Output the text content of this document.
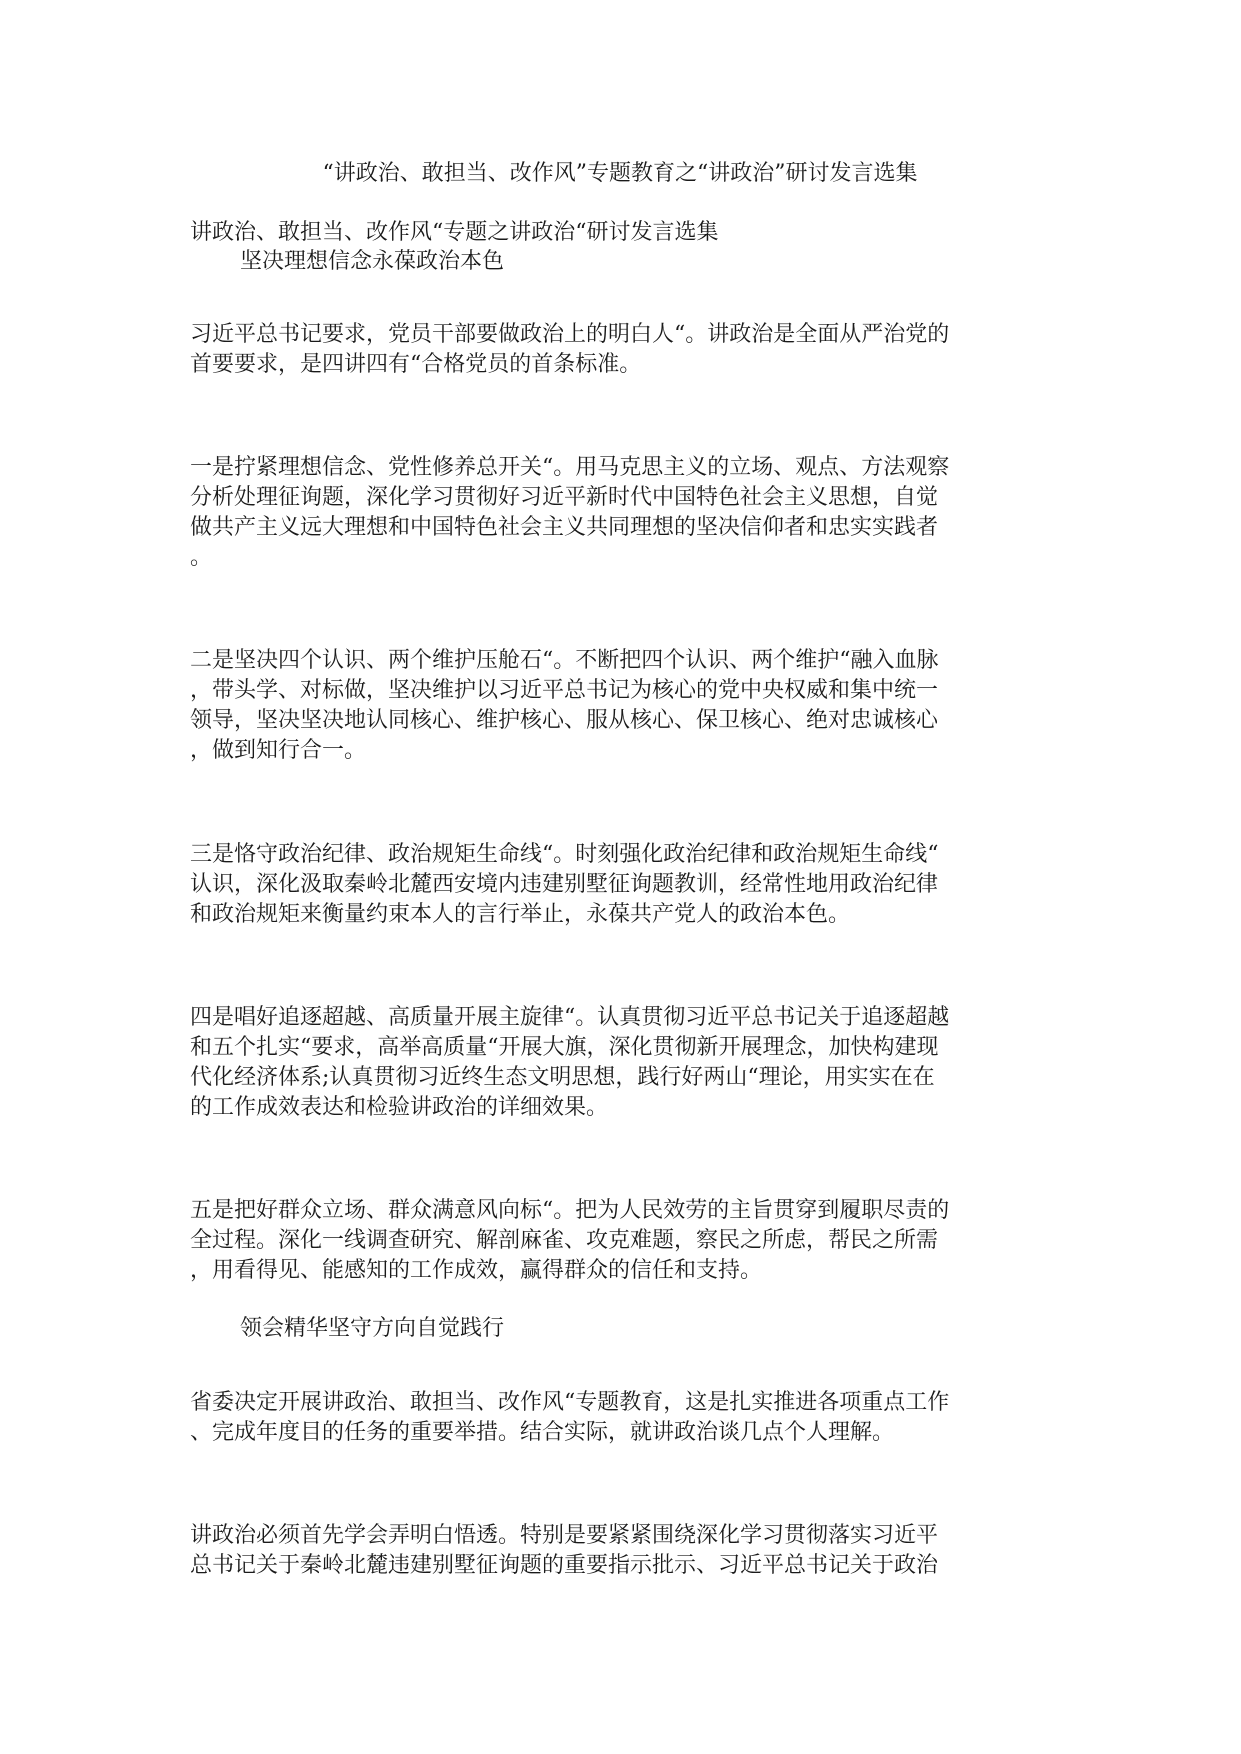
“讲政治、敢担当、改作风”专题教育之“讲政治”研讨发言选集

讲政治、敢担当、改作风“专题之讲政治“研讨发言选集

坚决理想信念永葆政治本色

习近平总书记要求，党员干部要做政治上的明白人“。讲政治是全面从严治党的

首要要求，是四讲四有“合格党员的首条标准。

一是拧紧理想信念、党性修养总开关“。用马克思主义的立场、观点、方法观察

分析处理征询题，深化学习贯彻好习近平新时代中国特色社会主义思想，自觉

做共产主义远大理想和中国特色社会主义共同理想的坚决信仰者和忠实实践者

。

二是坚决四个认识、两个维护压舱石“。不断把四个认识、两个维护“融入血脉

，带头学、对标做，坚决维护以习近平总书记为核心的党中央权威和集中统一

领导，坚决坚决地认同核心、维护核心、服从核心、保卫核心、绝对忠诚核心

，做到知行合一。

三是恪守政治纪律、政治规矩生命线“。时刻强化政治纪律和政治规矩生命线“

认识，深化汲取秦岭北麓西安境内违建别墅征询题教训，经常性地用政治纪律

和政治规矩来衡量约束本人的言行举止，永葆共产党人的政治本色。

四是唱好追逐超越、高质量开展主旋律“。认真贯彻习近平总书记关于追逐超越

和五个扎实“要求，高举高质量“开展大旗，深化贯彻新开展理念，加快构建现

代化经济体系;认真贯彻习近终生态文明思想，践行好两山“理论，用实实在在

的工作成效表达和检验讲政治的详细效果。

五是把好群众立场、群众满意风向标“。把为人民效劳的主旨贯穿到履职尽责的

全过程。深化一线调查研究、解剖麻雀、攻克难题，察民之所虑，帮民之所需

，用看得见、能感知的工作成效，赢得群众的信任和支持。

领会精华坚守方向自觉践行

省委决定开展讲政治、敢担当、改作风“专题教育，这是扎实推进各项重点工作

、完成年度目的任务的重要举措。结合实际，就讲政治谈几点个人理解。

讲政治必须首先学会弄明白悟透。特别是要紧紧围绕深化学习贯彻落实习近平

总书记关于秦岭北麓违建别墅征询题的重要指示批示、习近平总书记关于政治
